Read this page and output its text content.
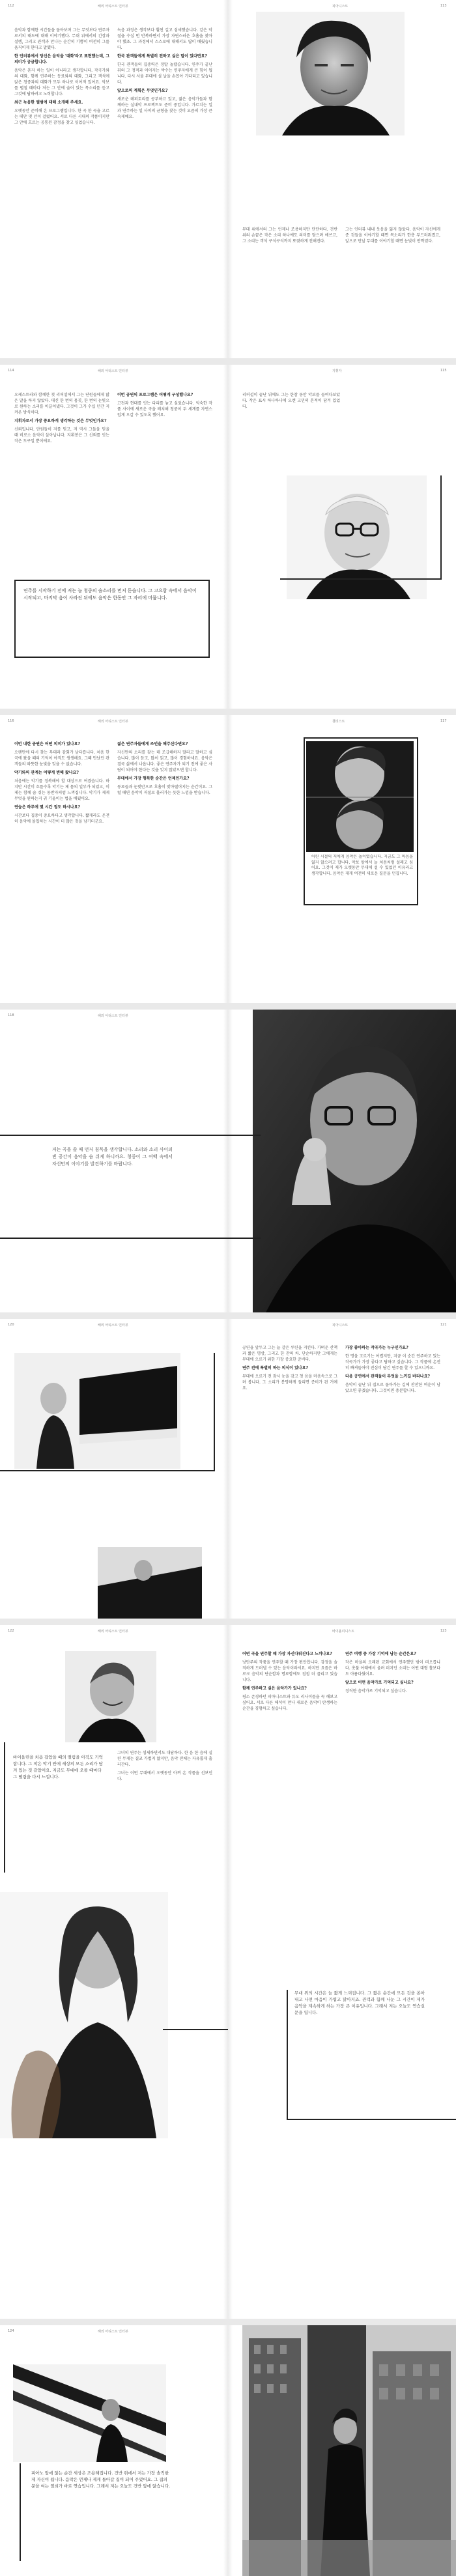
112	해외 아티스트 인터뷰	피아니스트	113

음악과 함께한 시간들을 돌아보며 그는 무엇보다 연주자로서의 태도에 대해 이야기했다. 무대 위에서의 긴장과 설렘, 그리고 관객과 만나는 순간의 기쁨이 여전히 그를 움직이게 한다고 말했다.

한 인터뷰에서 당신은 음악을 '대화'라고 표현했는데, 그 의미가 궁금합니다.

음악은 혼자 하는 일이 아니라고 생각합니다. 작곡가와의 대화, 함께 연주하는 동료와의 대화, 그리고 객석에 앉은 청중과의 대화가 모두 하나로 이어져 있어요. 악보를 펼칠 때마다 저는 그 안에 숨어 있는 목소리를 듣고 그것에 답하려고 노력합니다.

최근 녹음한 앨범에 대해 소개해 주세요.

오랫동안 준비해 온 프로그램입니다. 한 곡 한 곡을 고르는 데만 몇 년이 걸렸어요. 서로 다른 시대의 작품이지만 그 안에 흐르는 공통된 감정을 찾고 싶었습니다.

녹음 과정은 생각보다 훨씬 길고 섬세했습니다. 같은 악절을 수십 번 반복하면서 가장 자연스러운 호흡을 찾아야 했죠. 그 과정에서 스스로에 대해서도 많이 배웠습니다.

한국 관객들에게 특별히 전하고 싶은 말이 있다면요?

한국 관객들의 집중력은 정말 놀랍습니다. 연주가 끝난 뒤의 그 정적과 이어지는 박수는 연주자에게 큰 힘이 됩니다. 다시 서울 무대에 설 날을 손꼽아 기다리고 있습니다.

앞으로의 계획은 무엇인가요?

새로운 레퍼토리를 공부하고 있고, 젊은 음악가들과 함께하는 실내악 프로젝트도 준비 중입니다. 가르치는 일과 연주하는 일 사이의 균형을 찾는 것이 요즘의 가장 큰 숙제예요.

무대 위에서의 그는 언제나 조용하지만 단단하다. 건반 위의 손끝은 작은 소리 하나에도 의미를 담으려 애쓰고, 그 소리는 객석 구석구석까지 또렷하게 전해진다.

그는 인터뷰 내내 웃음을 잃지 않았다. 음악이 자신에게 준 것들을 이야기할 때면 목소리가 한층 부드러워졌고, 앞으로 만날 무대를 이야기할 때면 눈빛이 반짝였다.

114	해외 아티스트 인터뷰	지휘자	115

오케스트라와 함께한 첫 리허설에서 그는 단원들에게 많은 말을 하지 않았다. 대신 한 번의 몸짓, 한 번의 눈빛으로 원하는 소리를 이끌어냈다. 그것이 그가 수십 년간 지켜온 방식이다.

지휘자로서 가장 중요하게 생각하는 것은 무엇인가요?

신뢰입니다. 단원들이 저를 믿고, 저 역시 그들을 믿을 때 비로소 음악이 살아납니다. 지휘봉은 그 신뢰를 잇는 작은 도구일 뿐이에요.

이번 공연의 프로그램은 어떻게 구성했나요?

고전과 현대를 잇는 다리를 놓고 싶었습니다. 익숙한 작품 사이에 새로운 곡을 배치해 청중이 두 세계를 자연스럽게 오갈 수 있도록 했어요.

리허설이 끝난 뒤에도 그는 한참 동안 악보를 들여다보았다. 작은 표시 하나하나에 오랜 고민의 흔적이 담겨 있었다.

연주를 시작하기 전에 저는 늘 청중의 숨소리를 먼저 듣습니다. 그 고요함 속에서 음악이 시작되고, 마지막 음이 사라진 뒤에도 음악은 한동안 그 자리에 머뭅니다.
116	해외 아티스트 인터뷰	첼리스트	117

이번 내한 공연은 어떤 의미가 있나요?

오랜만에 다시 찾는 무대라 감회가 남다릅니다. 처음 한국에 왔을 때의 기억이 아직도 생생해요. 그때 만났던 관객들의 따뜻한 눈빛을 잊을 수 없습니다.

악기와의 관계는 어떻게 변해 왔나요?

처음에는 악기를 정복해야 할 대상으로 여겼습니다. 하지만 시간이 흐를수록 악기는 제 몸의 일부가 되었고, 이제는 함께 숨 쉬는 동반자처럼 느껴집니다. 악기가 제게 무엇을 원하는지 귀 기울이는 법을 배웠어요.

연습은 하루에 몇 시간 정도 하시나요?

시간보다 집중이 중요하다고 생각합니다. 짧게라도 온전히 음악에 몰입하는 시간이 더 많은 것을 남기더군요.

젊은 연주자들에게 조언을 해주신다면요?

자신만의 소리를 찾는 데 조급해하지 말라고 말하고 싶습니다. 많이 듣고, 많이 읽고, 많이 경험하세요. 음악은 결국 삶에서 나옵니다. 좋은 연주자가 되기 전에 좋은 사람이 되어야 한다는 것을 잊지 않았으면 합니다.

무대에서 가장 행복한 순간은 언제인가요?

동료들과 눈빛만으로 호흡이 맞아떨어지는 순간이요. 그럴 때면 음악이 저절로 흘러가는 듯한 느낌을 받습니다.

어린 시절의 저에게 음악은 놀이였습니다. 지금도 그 마음을 잃지 않으려고 합니다. 악보 앞에서 늘 처음처럼 설레고 싶어요. 그것이 제가 오랫동안 무대에 설 수 있었던 이유라고 생각합니다. 음악은 제게 여전히 새로운 질문을 던집니다.
118	해외 아티스트 인터뷰
저는 곡을 쓸 때 먼저 침묵을 생각합니다. 소리와 소리 사이의 빈 공간이 음악을 숨 쉬게 하니까요. 청중이 그 여백 속에서 자신만의 이야기를 발견하기를 바랍니다.
120	해외 아티스트 인터뷰	피아니스트	121

공연을 앞두고 그는 늘 같은 루틴을 지킨다. 가벼운 산책과 짧은 명상, 그리고 한 잔의 차. 단순하지만 그에게는 무대에 오르기 위한 가장 중요한 준비다.

연주 전에 특별히 하는 의식이 있나요?

무대에 오르기 전 잠시 눈을 감고 첫 음을 마음속으로 그려 봅니다. 그 소리가 분명하게 들리면 준비가 된 거예요.

가장 좋아하는 작곡가는 누구인가요?

한 명을 고르기는 어렵지만, 지금 이 순간 연주하고 있는 작곡가가 가장 좋다고 답하고 싶습니다. 그 작품에 온전히 빠져들어야 진심이 담긴 연주를 할 수 있으니까요.

다음 공연에서 관객들이 무엇을 느끼길 바라나요?

음악이 끝난 뒤 집으로 돌아가는 길에 잔잔한 여운이 남았으면 좋겠습니다. 그것이면 충분합니다.

122	해외 아티스트 인터뷰	바이올리니스트	123
바이올린을 처음 잡았을 때의 떨림을 아직도 기억합니다. 그 작은 악기 안에 세상의 모든 소리가 담겨 있는 것 같았어요. 지금도 무대에 오를 때마다 그 떨림을 다시 느낍니다.

그녀의 연주는 섬세하면서도 대담하다. 한 음 한 음에 실린 무게는 결코 가볍지 않지만, 음악 전체는 자유롭게 흘러간다.

그녀는 이번 무대에서 오랫동안 아껴 온 작품을 선보인다.

어떤 곡을 연주할 때 가장 자신다워진다고 느끼나요?

낭만주의 작품을 연주할 때 가장 편안합니다. 감정을 솔직하게 드러낼 수 있는 음악이라서요. 하지만 요즘은 바로크 음악의 단순함과 명료함에도 점점 더 끌리고 있습니다.

함께 연주하고 싶은 음악가가 있나요?

평소 존경하던 피아니스트와 듀오 리사이틀을 꼭 해보고 싶어요. 서로 다른 해석이 만나 새로운 음악이 탄생하는 순간을 경험하고 싶습니다.

연주 여행 중 가장 기억에 남는 순간은요?

작은 마을의 오래된 교회에서 연주했던 밤이 떠오릅니다. 촛불 아래에서 울려 퍼지던 소리는 어떤 대형 홀보다도 아름다웠어요.

앞으로 어떤 음악가로 기억되고 싶나요?

정직한 음악가로 기억되고 싶습니다.

무대 위의 시간은 늘 짧게 느껴집니다. 그 짧은 순간에 모든 것을 쏟아 내고 나면 마음이 가볍고 맑아지죠. 관객과 함께 나눈 그 시간이 제가 음악을 계속하게 하는 가장 큰 이유입니다. 그래서 저는 오늘도 연습실 문을 엽니다.
124	해외 아티스트 인터뷰
피아노 앞에 앉는 순간 세상은 조용해집니다. 건반 위에서 저는 가장 솔직한 제 자신이 됩니다. 음악은 언제나 제게 돌아갈 집이 되어 주었어요. 그 집의 문을 여는 열쇠가 바로 연습입니다. 그래서 저는 오늘도 건반 앞에 앉습니다.
